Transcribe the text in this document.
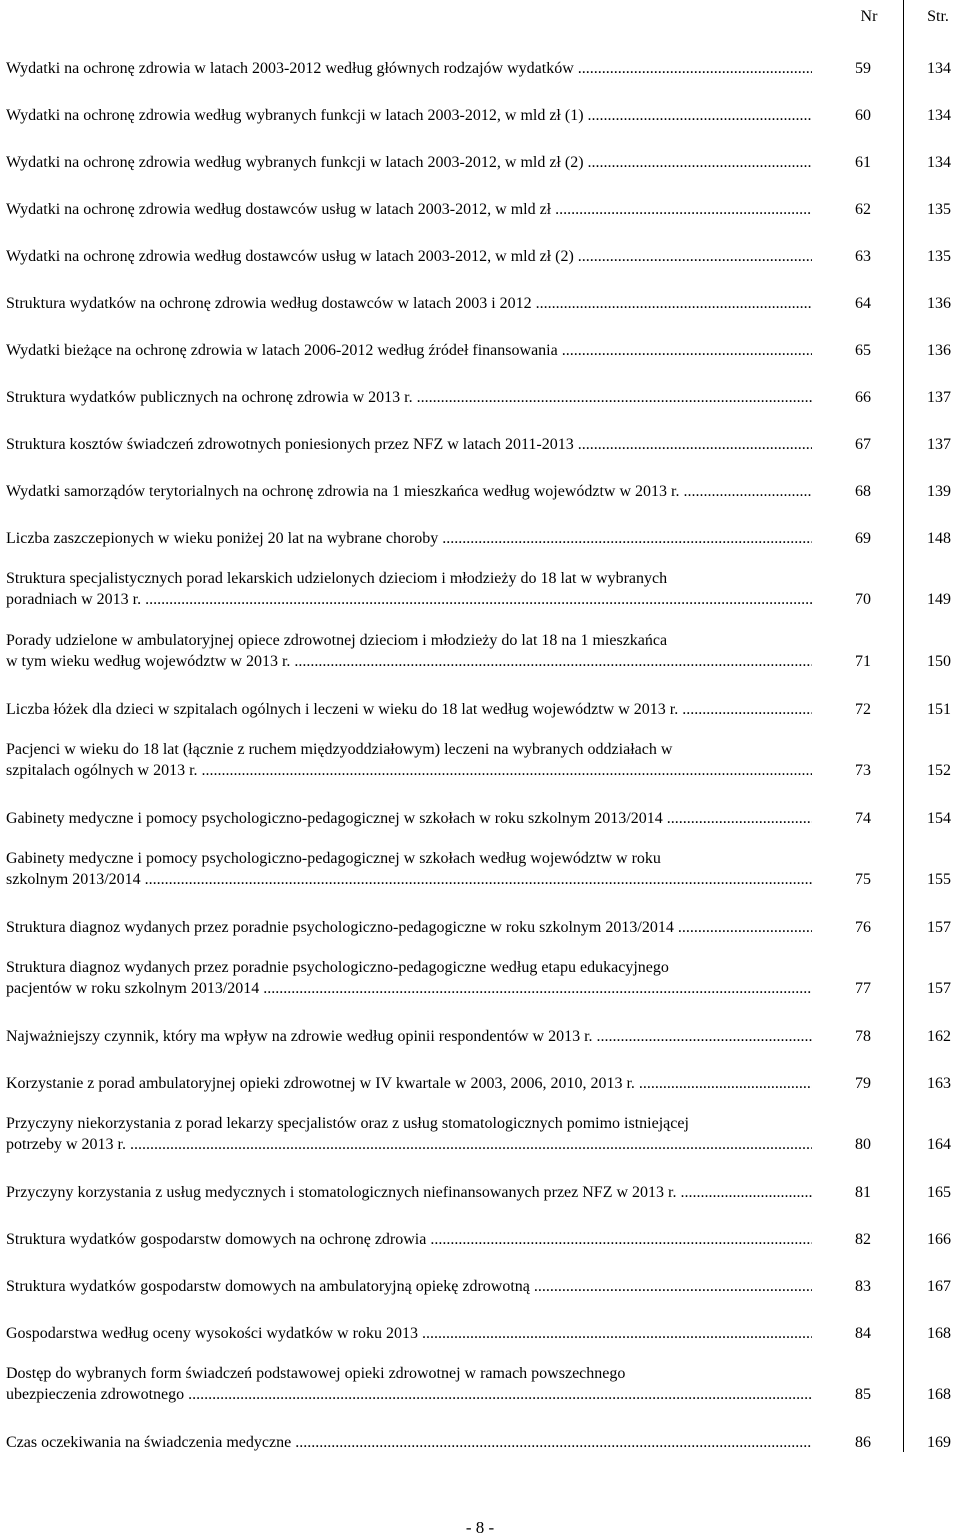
Nr	Str.
Wydatki na ochronę zdrowia w latach 2003-2012 według głównych rodzajów wydatków .....	59	134
Wydatki na ochronę zdrowia według wybranych funkcji w latach 2003-2012, w mld zł (1) .....	60	134
Wydatki na ochronę zdrowia według wybranych funkcji w latach 2003-2012, w mld zł (2) .....	61	134
Wydatki na ochronę zdrowia według dostawców usług w latach 2003-2012, w mld zł .....	62	135
Wydatki na ochronę zdrowia według dostawców usług w latach 2003-2012, w mld zł (2) .....	63	135
Struktura wydatków na ochronę zdrowia według dostawców w latach 2003 i 2012 .....	64	136
Wydatki bieżące na ochronę zdrowia w latach 2006-2012 według źródeł finansowania .....	65	136
Struktura wydatków publicznych na ochronę zdrowia w 2013 r. .....	66	137
Struktura kosztów świadczeń zdrowotnych poniesionych przez NFZ w latach 2011-2013 .....	67	137
Wydatki samorządów terytorialnych na ochronę zdrowia na 1 mieszkańca według województw w 2013 r. .....	68	139
Liczba zaszczepionych w wieku poniżej 20 lat na wybrane choroby .....	69	148
Struktura specjalistycznych porad lekarskich udzielonych dzieciom i młodzieży do 18 lat w wybranych
poradniach w 2013 r. .....	70	149
Porady udzielone w ambulatoryjnej opiece zdrowotnej dzieciom i młodzieży do lat 18 na 1 mieszkańca
w tym wieku według województw w 2013 r. .....	71	150
Liczba łóżek dla dzieci w szpitalach ogólnych i leczeni w wieku do 18 lat według województw w 2013 r. .....	72	151
Pacjenci w wieku do 18 lat (łącznie z ruchem międzyoddziałowym) leczeni na wybranych oddziałach w
szpitalach ogólnych w 2013 r. .....	73	152
Gabinety medyczne i pomocy psychologiczno-pedagogicznej w szkołach w roku szkolnym 2013/2014 .....	74	154
Gabinety medyczne i pomocy psychologiczno-pedagogicznej w szkołach według województw w roku
szkolnym 2013/2014 .....	75	155
Struktura diagnoz wydanych przez poradnie psychologiczno-pedagogiczne w roku szkolnym 2013/2014 .....	76	157
Struktura diagnoz wydanych przez poradnie psychologiczno-pedagogiczne według etapu edukacyjnego
pacjentów w roku szkolnym 2013/2014 .....	77	157
Najważniejszy czynnik, który ma wpływ na zdrowie według opinii respondentów w 2013 r. .....	78	162
Korzystanie z porad ambulatoryjnej opieki zdrowotnej w IV kwartale w 2003, 2006, 2010, 2013 r. .....	79	163
Przyczyny niekorzystania z porad lekarzy specjalistów oraz z usług stomatologicznych pomimo istniejącej
potrzeby w 2013 r. .....	80	164
Przyczyny korzystania z usług medycznych i stomatologicznych niefinansowanych przez NFZ w 2013 r. .....	81	165
Struktura wydatków gospodarstw domowych na ochronę zdrowia .....	82	166
Struktura wydatków gospodarstw domowych na ambulatoryjną opiekę zdrowotną .....	83	167
Gospodarstwa według oceny wysokości wydatków w roku 2013 .....	84	168
Dostęp do wybranych form świadczeń podstawowej opieki zdrowotnej w ramach powszechnego
ubezpieczenia zdrowotnego .....	85	168
Czas oczekiwania na świadczenia medyczne .....	86	169
- 8 -
